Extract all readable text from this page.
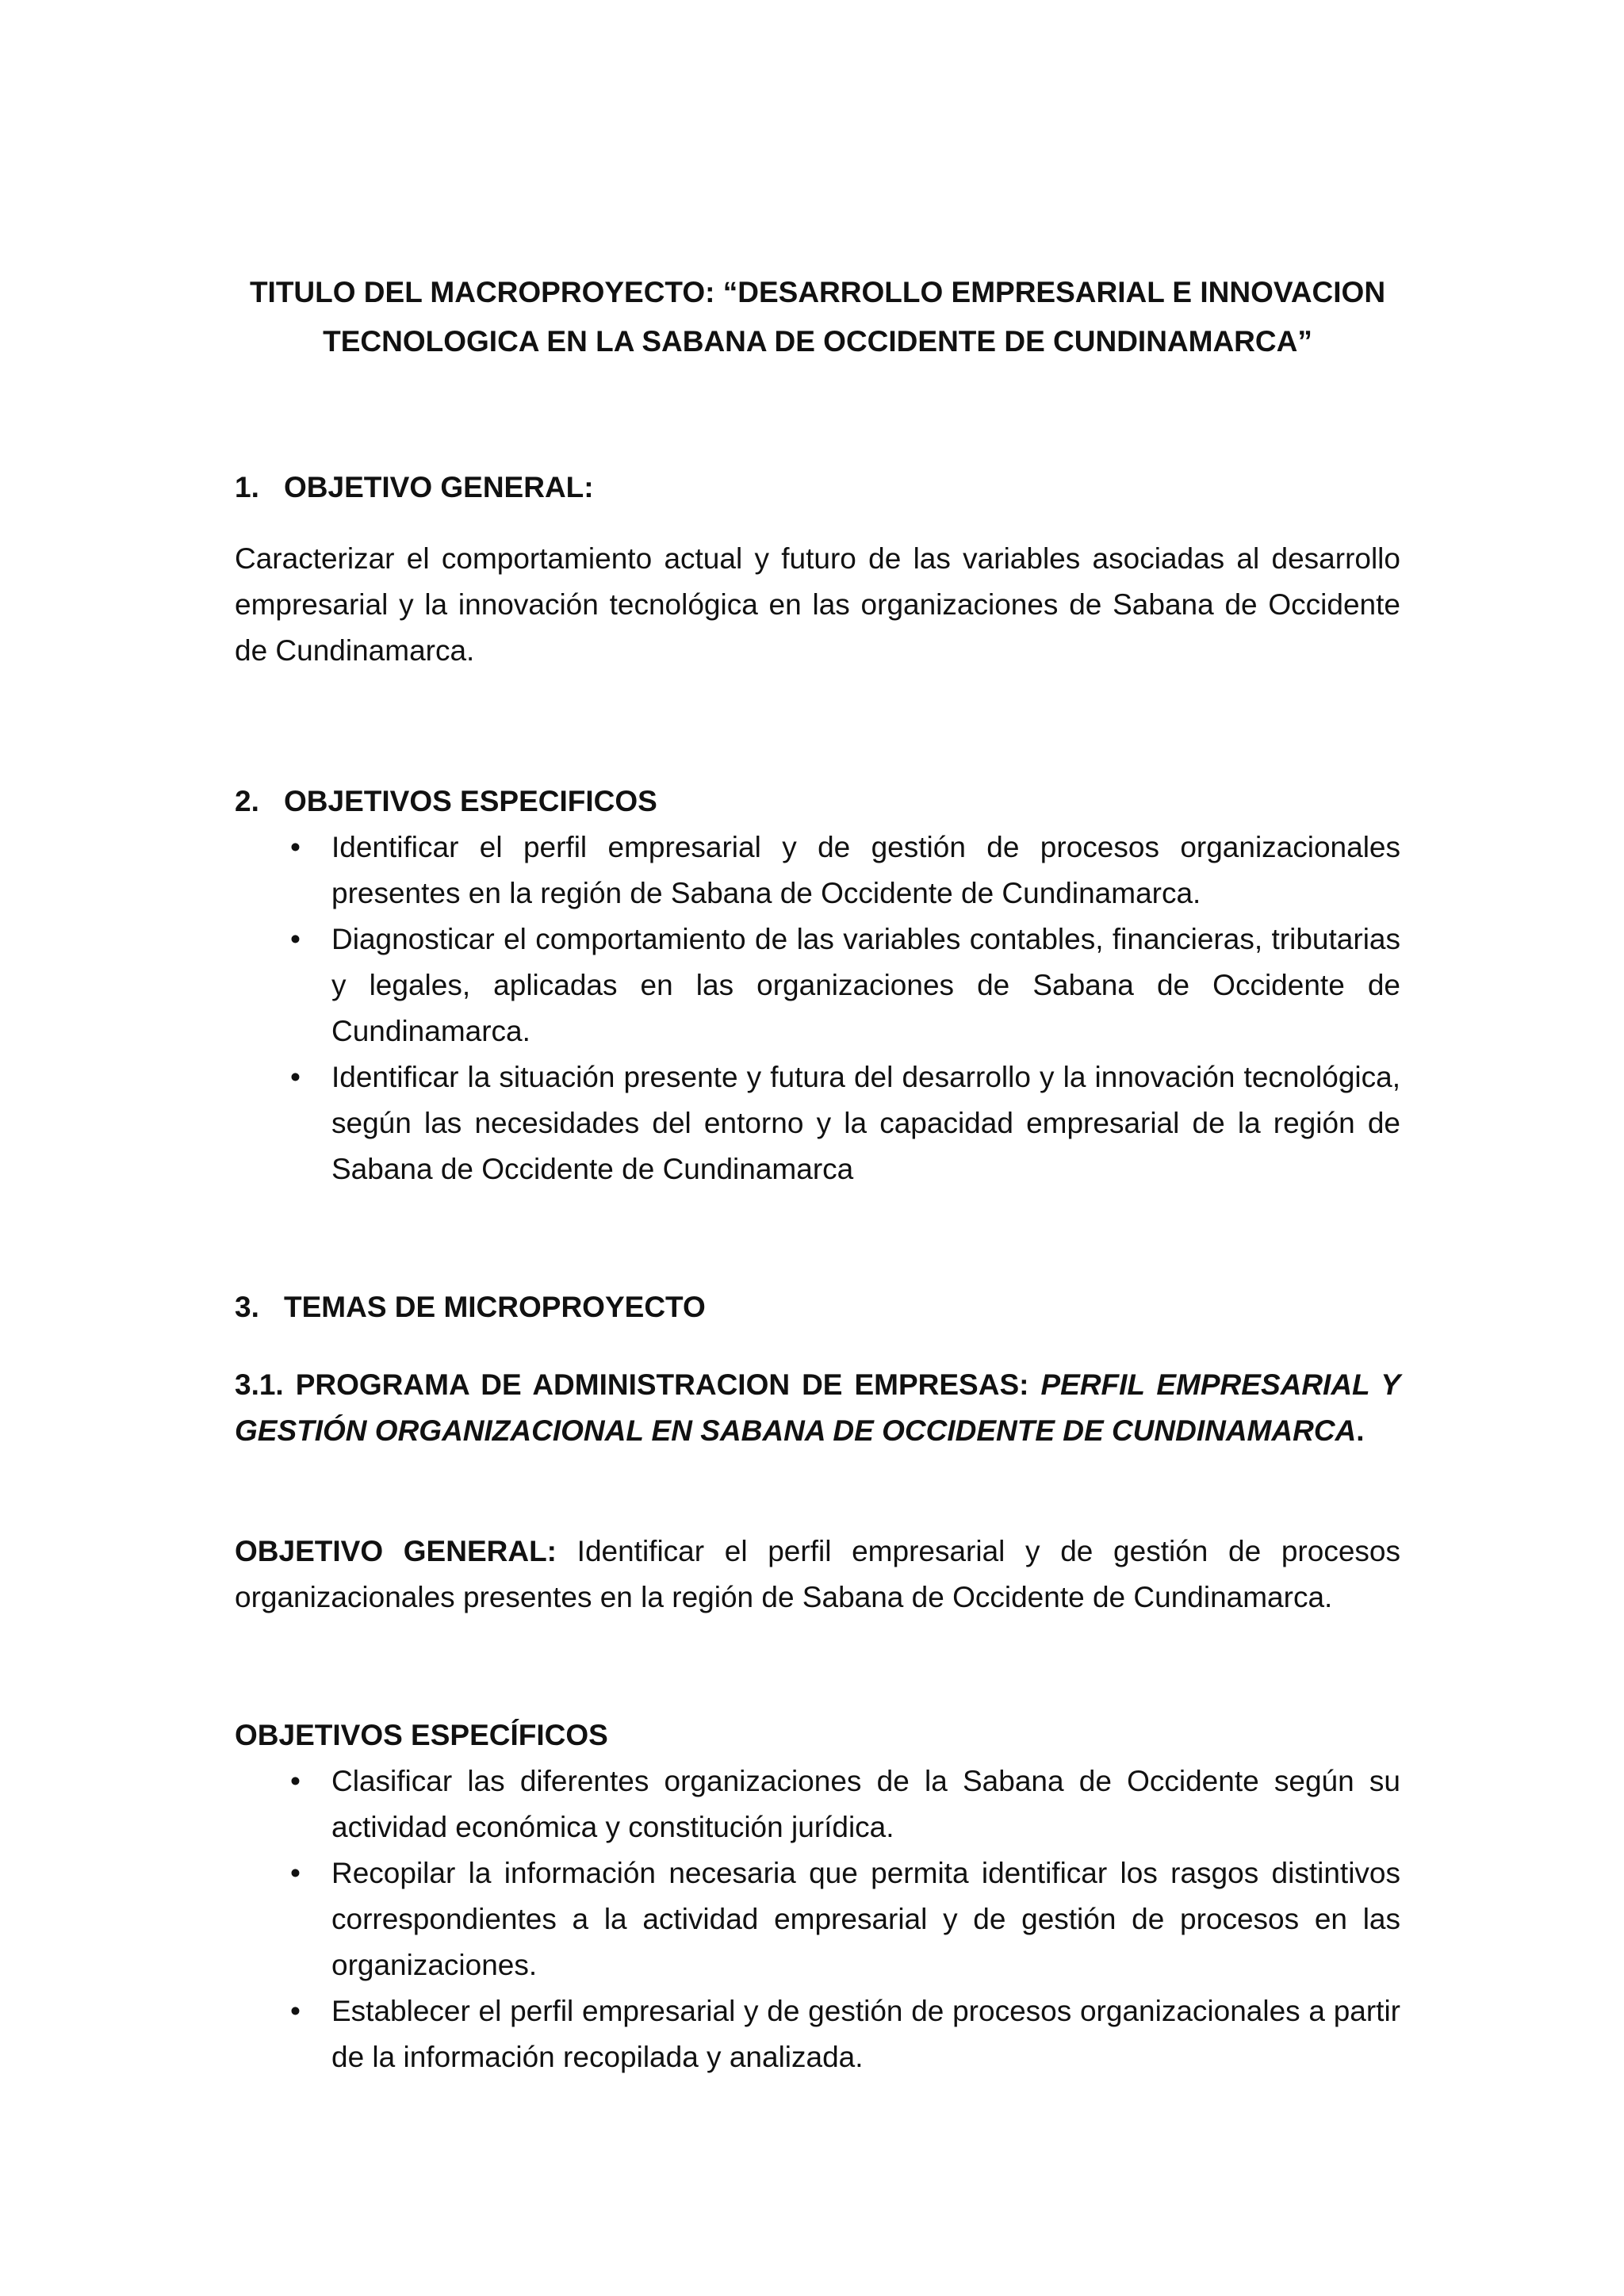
TITULO DEL MACROPROYECTO: “DESARROLLO EMPRESARIAL E INNOVACION
TECNOLOGICA EN LA SABANA DE OCCIDENTE DE CUNDINAMARCA”
1. OBJETIVO GENERAL:
Caracterizar el comportamiento actual y futuro de las variables asociadas al desarrollo empresarial y la innovación tecnológica en las organizaciones de Sabana de Occidente de Cundinamarca.
2. OBJETIVOS ESPECIFICOS
• Identificar el perfil empresarial y de gestión de procesos organizacionales presentes en la región de Sabana de Occidente de Cundinamarca.
• Diagnosticar el comportamiento de las variables contables, financieras, tributarias y legales, aplicadas en las organizaciones de Sabana de Occidente de Cundinamarca.
• Identificar la situación presente y futura del desarrollo y la innovación tecnológica, según las necesidades del entorno y la capacidad empresarial de la región de Sabana de Occidente de Cundinamarca
3. TEMAS DE MICROPROYECTO
3.1. PROGRAMA DE ADMINISTRACION DE EMPRESAS: PERFIL EMPRESARIAL Y GESTIÓN ORGANIZACIONAL EN SABANA DE OCCIDENTE DE CUNDINAMARCA.
OBJETIVO GENERAL: Identificar el perfil empresarial y de gestión de procesos organizacionales presentes en la región de Sabana de Occidente de Cundinamarca.
OBJETIVOS ESPECÍFICOS
• Clasificar las diferentes organizaciones de la Sabana de Occidente según su actividad económica y constitución jurídica.
• Recopilar la información necesaria que permita identificar los rasgos distintivos correspondientes a la actividad empresarial y de gestión de procesos en las organizaciones.
• Establecer el perfil empresarial y de gestión de procesos organizacionales a partir de la información recopilada y analizada.
